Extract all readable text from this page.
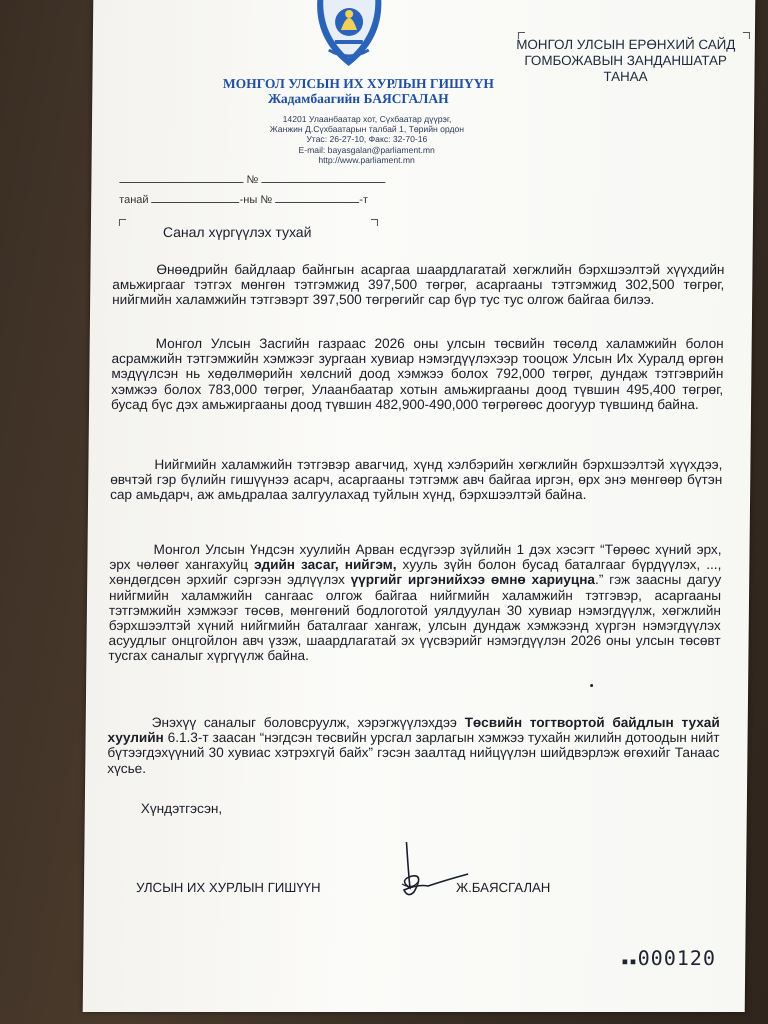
МОНГОЛ УЛСЫН ИХ ХУРЛЫН ГИШҮҮН
Жадамбаагийн БАЯСГАЛАН
14201 Улаанбаатар хот, Сүхбаатар дүүрэг,
Жанжин Д.Сүхбаатарын талбай 1, Төрийн ордон
Утас: 26-27-10, Факс: 32-70-16
E-mail: bayasgalan@parliament.mn
http://www.parliament.mn
МОНГОЛ УЛСЫН ЕРӨНХИЙ САЙД
ГОМБОЖАВЫН ЗАНДАНШАТАР
ТАНАА
№
танай	-ны №	-т
Санал хүргүүлэх тухай

Өнөөдрийн байдлаар байнгын асаргаа шаардлагатай хөгжлийн бэрхшээлтэй хүүхдийн амьжиргааг тэтгэх мөнгөн тэтгэмжид 397,500 төгрөг, асаргааны тэтгэмжид 302,500 төгрөг, нийгмийн халамжийн тэтгэвэрт 397,500 төгрөгийг сар бүр тус тус олгож байгаа билээ.

Монгол Улсын Засгийн газраас 2026 оны улсын төсвийн төсөлд халамжийн болон асрамжийн тэтгэмжийн хэмжээг зургаан хувиар нэмэгдүүлэхээр тооцож Улсын Их Хуралд өргөн мэдүүлсэн нь хөдөлмөрийн хөлсний доод хэмжээ болох 792,000 төгрөг, дундаж тэтгэврийн хэмжээ болох 783,000 төгрөг, Улаанбаатар хотын амьжиргааны доод түвшин 495,400 төгрөг, бусад бүс дэх амьжиргааны доод түвшин 482,900-490,000 төгрөгөөс доогуур түвшинд байна.

Нийгмийн халамжийн тэтгэвэр авагчид, хүнд хэлбэрийн хөгжлийн бэрхшээлтэй хүүхдээ, өвчтэй гэр бүлийн гишүүнээ асарч, асаргааны тэтгэмж авч байгаа иргэн, өрх энэ мөнгөөр бүтэн сар амьдарч, аж амьдралаа залгуулахад туйлын хүнд, бэрхшээлтэй байна.

Монгол Улсын Үндсэн хуулийн Арван есдүгээр зүйлийн 1 дэх хэсэгт “Төрөөс хүний эрх, эрх чөлөөг хангахуйц эдийн засаг, нийгэм, хууль зүйн болон бусад баталгааг бүрдүүлэх, ..., хөндөгдсөн эрхийг сэргээн эдлүүлэх үүргийг иргэнийхээ өмнө хариуцна.” гэж заасны дагуу нийгмийн халамжийн сангаас олгож байгаа нийгмийн халамжийн тэтгэвэр, асаргааны тэтгэмжийн хэмжээг төсөв, мөнгөний бодлоготой уялдуулан 30 хувиар нэмэгдүүлж, хөгжлийн бэрхшээлтэй хүний нийгмийн баталгааг хангаж, улсын дундаж хэмжээнд хүргэн нэмэгдүүлэх асуудлыг онцгойлон авч үзэж, шаардлагатай эх үүсвэрийг нэмэгдүүлэн 2026 оны улсын төсөвт тусгах саналыг хүргүүлж байна.

Энэхүү саналыг боловсруулж, хэрэгжүүлэхдээ Төсвийн тогтвортой байдлын тухай хуулийн 6.1.3-т заасан “нэгдсэн төсвийн урсгал зарлагын хэмжээ тухайн жилийн дотоодын нийт бүтээгдэхүүний 30 хувиас хэтрэхгүй байх” гэсэн заалтад нийцүүлэн шийдвэрлэж өгөхийг Танаас хүсье.

Хүндэтгэсэн,
УЛСЫН ИХ ХУРЛЫН ГИШҮҮН	Ж.БАЯСГАЛАН
▪▪000120
